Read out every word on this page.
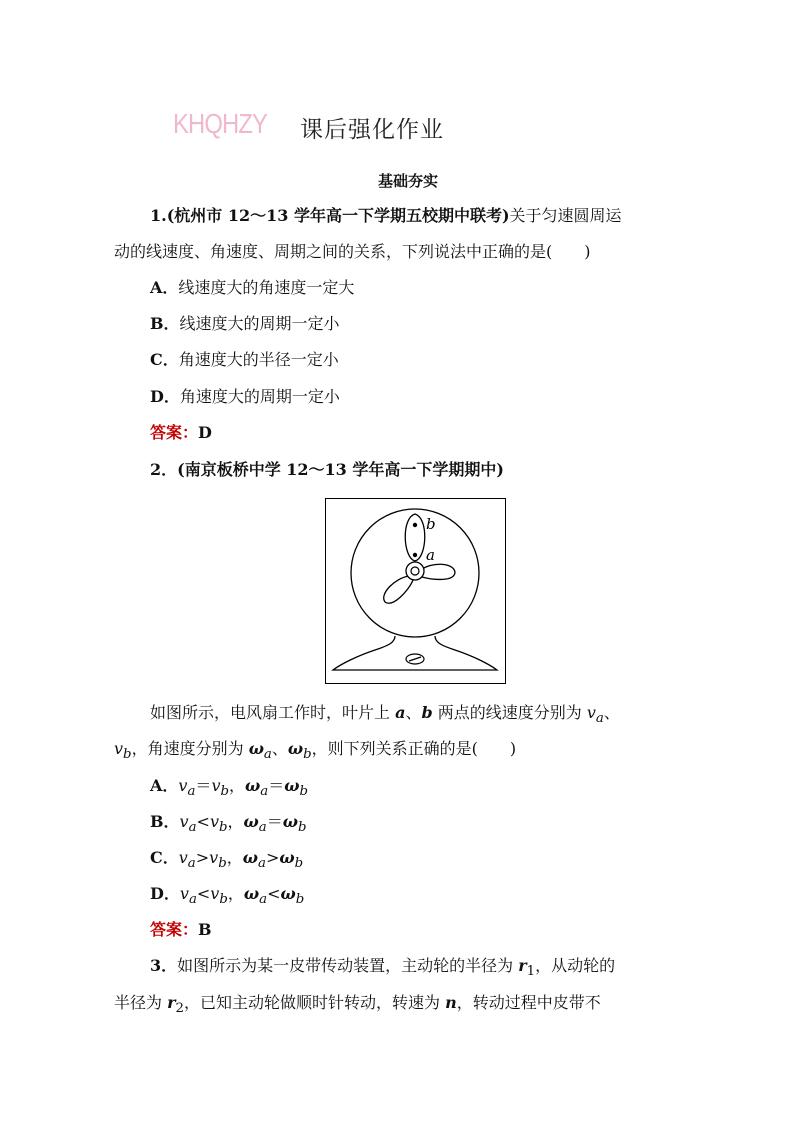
KHQHZY 课后强化作业
基础夯实
1.(杭州市 12～13 学年高一下学期五校期中联考)关于匀速圆周运
动的线速度、角速度、周期之间的关系，下列说法中正确的是(　　)
A．线速度大的角速度一定大
B．线速度大的周期一定小
C．角速度大的半径一定小
D．角速度大的周期一定小
答案：D
2．(南京板桥中学 12～13 学年高一下学期期中)
b
a
如图所示，电风扇工作时，叶片上 a、b 两点的线速度分别为 $v_a$、
$v_b$，角速度分别为 $\omega_a$、$\omega_b$，则下列关系正确的是(　　)
A．$v_a=v_b$，$\omega_a=\omega_b$
B．$v_a<v_b$，$\omega_a=\omega_b$
C．$v_a>v_b$，$\omega_a>\omega_b$
D．$v_a<v_b$，$\omega_a<\omega_b$
答案：B
3．如图所示为某一皮带传动装置，主动轮的半径为 $r_1$，从动轮的
半径为 $r_2$，已知主动轮做顺时针转动，转速为 n，转动过程中皮带不
